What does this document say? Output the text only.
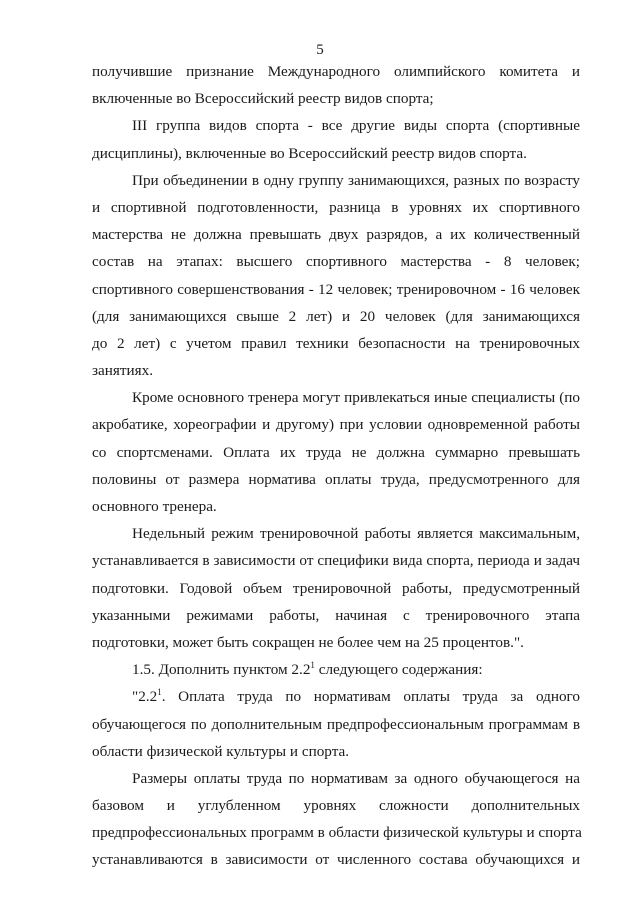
5
получившие признание Международного олимпийского комитета и
включенные во Всероссийский реестр видов спорта;
III группа видов спорта - все другие виды спорта (спортивные
дисциплины), включенные во Всероссийский реестр видов спорта.
При объединении в одну группу занимающихся, разных по возрасту
и спортивной подготовленности, разница в уровнях их спортивного
мастерства не должна превышать двух разрядов, а их количественный
состав на этапах: высшего спортивного мастерства - 8 человек;
спортивного совершенствования - 12 человек; тренировочном - 16 человек
(для занимающихся свыше 2 лет) и 20 человек (для занимающихся
до 2 лет) с учетом правил техники безопасности на тренировочных
занятиях.
Кроме основного тренера могут привлекаться иные специалисты (по
акробатике, хореографии и другому) при условии одновременной работы
со спортсменами. Оплата их труда не должна суммарно превышать
половины от размера норматива оплаты труда, предусмотренного для
основного тренера.
Недельный режим тренировочной работы является максимальным,
устанавливается в зависимости от специфики вида спорта, периода и задач
подготовки. Годовой объем тренировочной работы, предусмотренный
указанными режимами работы, начиная с тренировочного этапа
подготовки, может быть сокращен не более чем на 25 процентов.".
1.5. Дополнить пунктом $2.2^1$ следующего содержания:
"$2.2^1$. Оплата труда по нормативам оплаты труда за одного
обучающегося по дополнительным предпрофессиональным программам в
области физической культуры и спорта.
Размеры оплаты труда по нормативам за одного обучающегося на
базовом и углубленном уровнях сложности дополнительных
предпрофессиональных программ в области физической культуры и спорта
устанавливаются в зависимости от численного состава обучающихся и
